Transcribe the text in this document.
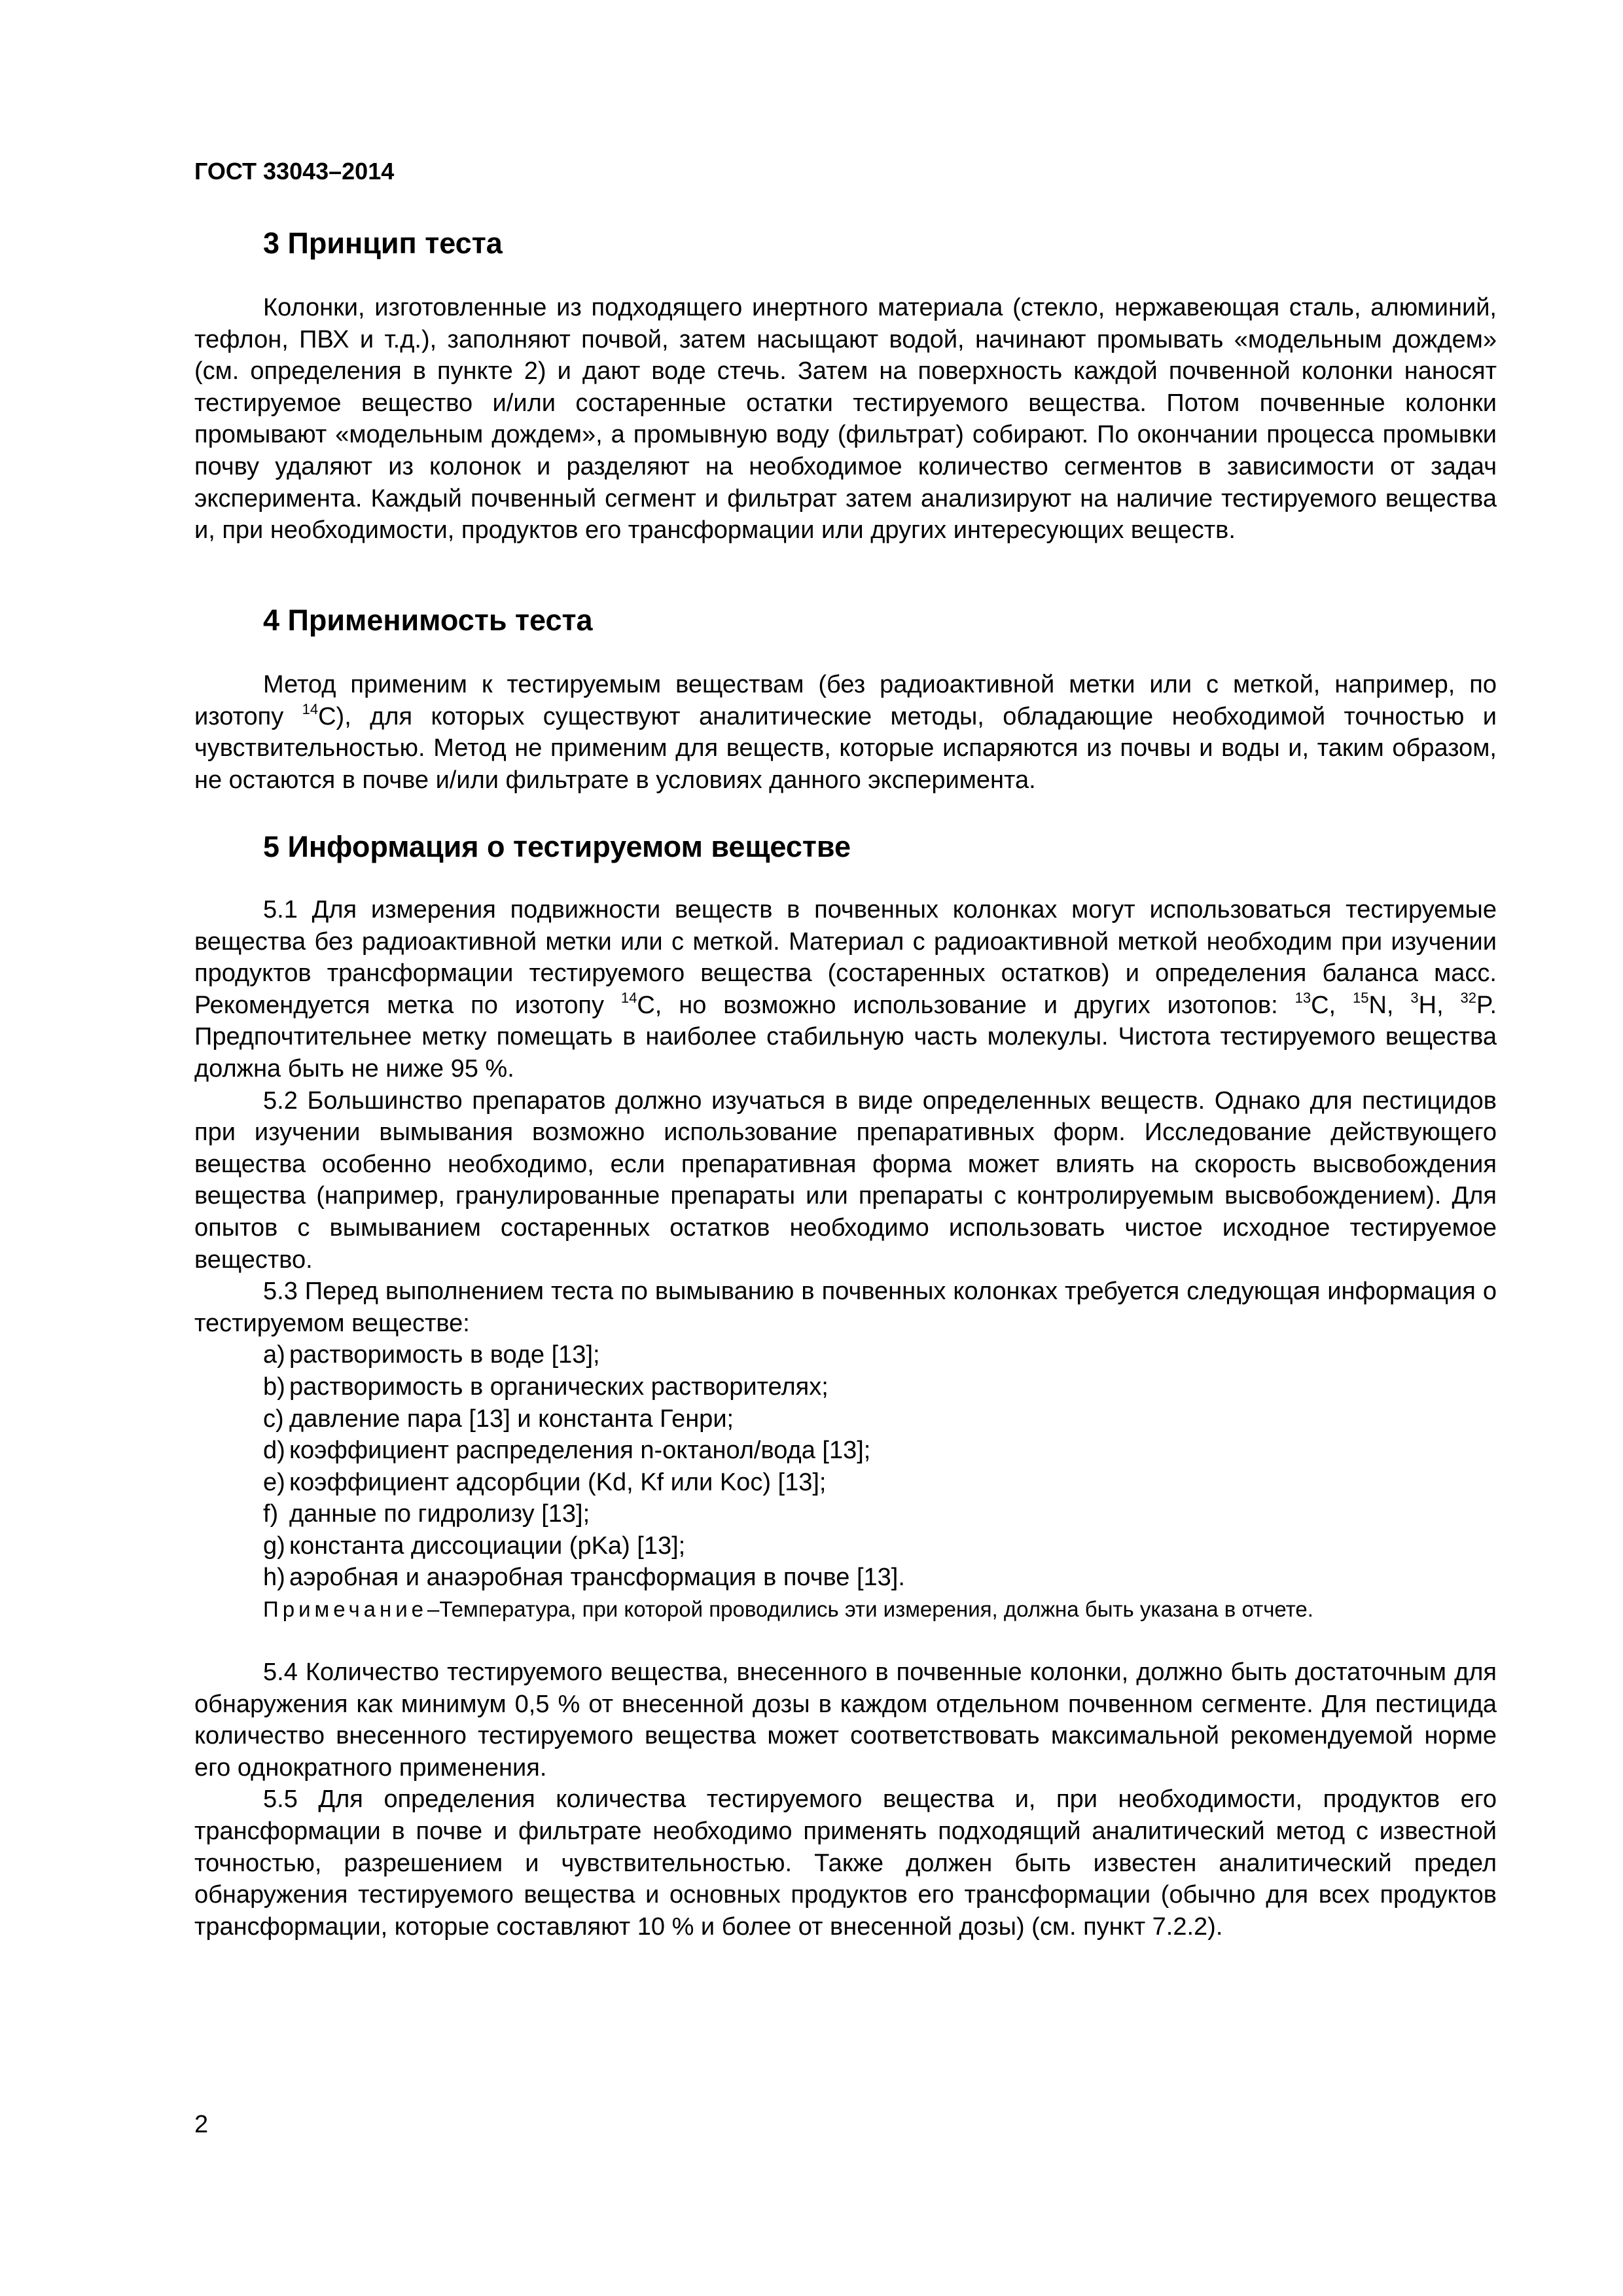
ГОСТ 33043–2014
3 Принцип теста

Колонки, изготовленные из подходящего инертного материала (стекло, нержавеющая сталь, алюминий, тефлон, ПВХ и т.д.), заполняют почвой, затем насыщают водой, начинают промывать «модельным дождем» (см. определения в пункте 2) и дают воде стечь. Затем на поверхность каждой почвенной колонки наносят тестируемое вещество и/или состаренные остатки тестируемого вещества. Потом почвенные колонки промывают «модельным дождем», а промывную воду (фильтрат) собирают. По окончании процесса промывки почву удаляют из колонок и разделяют на необходимое количество сегментов в зависимости от задач эксперимента. Каждый почвенный сегмент и фильтрат затем анализируют на наличие тестируемого вещества и, при необходимости, продуктов его трансформации или других интересующих веществ.

4 Применимость теста

Метод применим к тестируемым веществам (без радиоактивной метки или с меткой, например, по изотопу $^{14}$С), для которых существуют аналитические методы, обладающие необходимой точностью и чувствительностью. Метод не применим для веществ, которые испаряются из почвы и воды и, таким образом, не остаются в почве и/или фильтрате в условиях данного эксперимента.

5 Информация о тестируемом веществе

5.1 Для измерения подвижности веществ в почвенных колонках могут использоваться тестируемые вещества без радиоактивной метки или с меткой. Материал с радиоактивной меткой необходим при изучении продуктов трансформации тестируемого вещества (состаренных остатков) и определения баланса масс. Рекомендуется метка по изотопу $^{14}$С, но возможно использование и других изотопов: $^{13}$С, $^{15}$N, $^3$H, $^{32}$P. Предпочтительнее метку помещать в наиболее стабильную часть молекулы. Чистота тестируемого вещества должна быть не ниже 95 %.

5.2 Большинство препаратов должно изучаться в виде определенных веществ. Однако для пестицидов при изучении вымывания возможно использование препаративных форм. Исследование действующего вещества особенно необходимо, если препаративная форма может влиять на скорость высвобождения вещества (например, гранулированные препараты или препараты с контролируемым высвобождением). Для опытов с вымыванием состаренных остатков необходимо использовать чистое исходное тестируемое вещество.

5.3 Перед выполнением теста по вымыванию в почвенных колонках требуется следующая информация о тестируемом веществе:

a) растворимость в воде [13];
b) растворимость в органических растворителях;
c) давление пара [13] и константа Генри;
d) коэффициент распределения n-октанол/вода [13];
e) коэффициент адсорбции (Kd, Kf или Koc) [13];
f) данные по гидролизу [13];
g) константа диссоциации (pKa) [13];
h) аэробная и анаэробная трансформация в почве [13].
Примечание–Температура, при которой проводились эти измерения, должна быть указана в отчете.

5.4 Количество тестируемого вещества, внесенного в почвенные колонки, должно быть достаточным для обнаружения как минимум 0,5 % от внесенной дозы в каждом отдельном почвенном сегменте. Для пестицида количество внесенного тестируемого вещества может соответствовать максимальной рекомендуемой норме его однократного применения.

5.5 Для определения количества тестируемого вещества и, при необходимости, продуктов его трансформации в почве и фильтрате необходимо применять подходящий аналитический метод с известной точностью, разрешением и чувствительностью. Также должен быть известен аналитический предел обнаружения тестируемого вещества и основных продуктов его трансформации (обычно для всех продуктов трансформации, которые составляют 10 % и более от внесенной дозы) (см. пункт 7.2.2).

2
